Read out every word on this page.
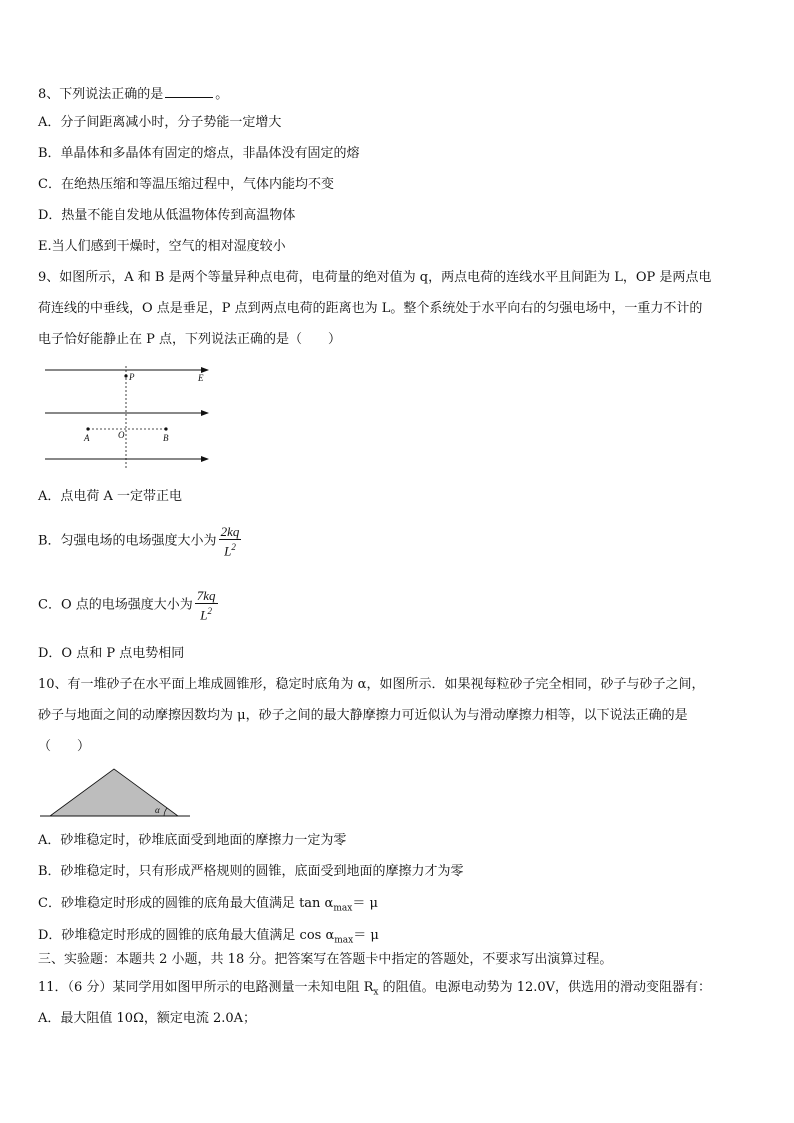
8、下列说法正确的是	。
A．分子间距离减小时，分子势能一定增大
B．单晶体和多晶体有固定的熔点，非晶体没有固定的熔
C．在绝热压缩和等温压缩过程中，气体内能均不变
D．热量不能自发地从低温物体传到高温物体
E.当人们感到干燥时，空气的相对湿度较小
9、如图所示，A 和 B 是两个等量异种点电荷，电荷量的绝对值为 q，两点电荷的连线水平且间距为 L，OP 是两点电
荷连线的中垂线，O 点是垂足，P 点到两点电荷的距离也为 L。整个系统处于水平向右的匀强电场中，一重力不计的
电子恰好能静止在 P 点，下列说法正确的是（　　）
P	E
A	O	B
A．点电荷 A 一定带正电
B．匀强电场的电场强度大小为 $\frac{2kq}{L^2}$
C．O 点的电场强度大小为 $\frac{7kq}{L^2}$
D．O 点和 P 点电势相同
10、有一堆砂子在水平面上堆成圆锥形，稳定时底角为 α，如图所示．如果视每粒砂子完全相同，砂子与砂子之间，
砂子与地面之间的动摩擦因数均为 μ，砂子之间的最大静摩擦力可近似认为与滑动摩擦力相等，以下说法正确的是
（　　）
α
A．砂堆稳定时，砂堆底面受到地面的摩擦力一定为零
B．砂堆稳定时，只有形成严格规则的圆锥，底面受到地面的摩擦力才为零
C．砂堆稳定时形成的圆锥的底角最大值满足 $\tan \alpha_{max}= \mu$
D．砂堆稳定时形成的圆锥的底角最大值满足 $\cos \alpha_{max}= \mu$
三、实验题：本题共 2 小题，共 18 分。把答案写在答题卡中指定的答题处，不要求写出演算过程。
11．（6 分）某同学用如图甲所示的电路测量一未知电阻 $R_x$ 的阻值。电源电动势为 12.0V，供选用的滑动变阻器有：
A．最大阻值 10Ω，额定电流 2.0A；
